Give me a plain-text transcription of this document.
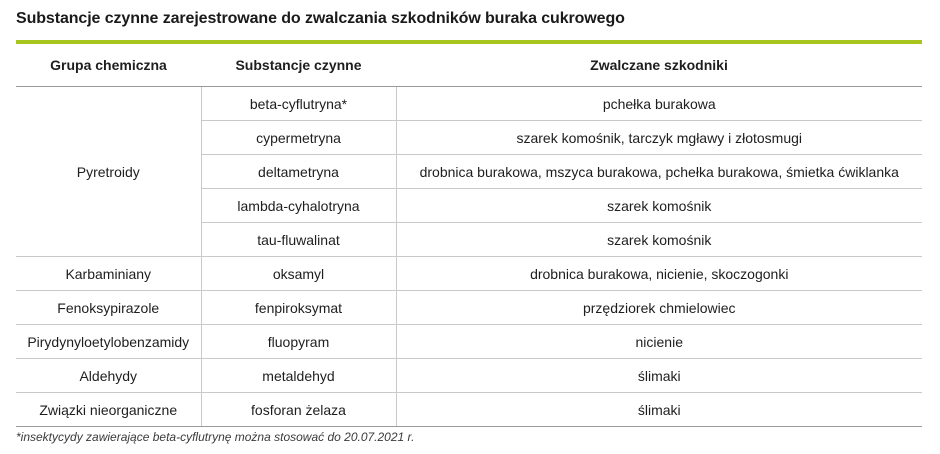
Substancje czynne zarejestrowane do zwalczania szkodników buraka cukrowego
Grupa chemiczna	Substancje czynne	Zwalczane szkodniki
Pyretroidy	beta-cyflutryna*	pchełka burakowa
	cypermetryna	szarek komośnik, tarczyk mgławy i złotosmugi
	deltametryna	drobnica burakowa, mszyca burakowa, pchełka burakowa, śmietka ćwiklanka
	lambda-cyhalotryna	szarek komośnik
	tau-fluwalinat	szarek komośnik
Karbaminiany	oksamyl	drobnica burakowa, nicienie, skoczogonki
Fenoksypirazole	fenpiroksymat	przędziorek chmielowiec
Pirydynyloetylobenzamidy	fluopyram	nicienie
Aldehydy	metaldehyd	ślimaki
Związki nieorganiczne	fosforan żelaza	ślimaki
*insektycydy zawierające beta-cyflutrynę można stosować do 20.07.2021 r.
